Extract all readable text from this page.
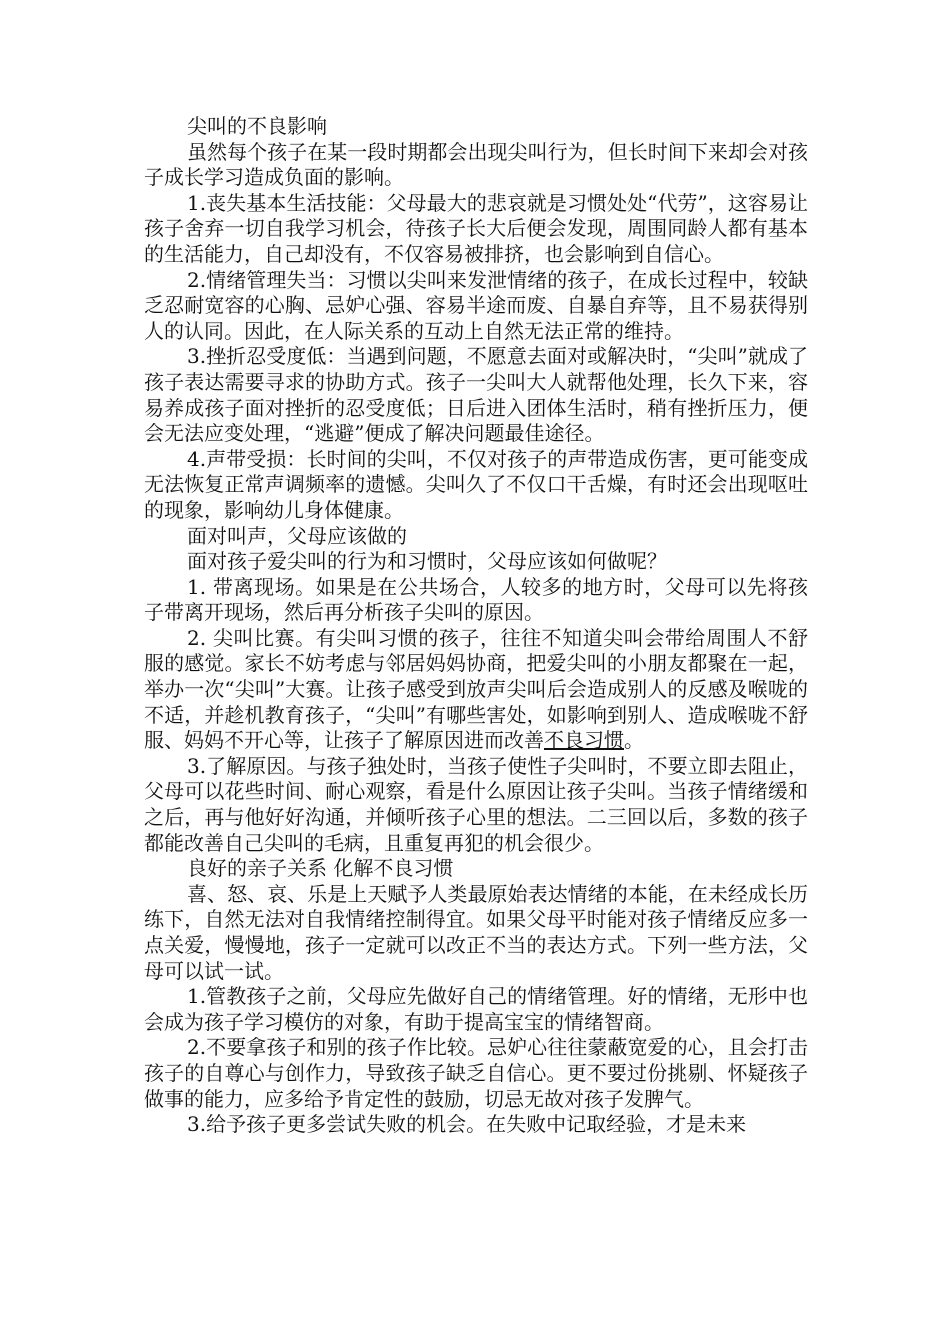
尖叫的不良影响

虽然每个孩子在某一段时期都会出现尖叫行为，但长时间下来却会对孩子成长学习造成负面的影响。

1.丧失基本生活技能：父母最大的悲哀就是习惯处处“代劳”，这容易让孩子舍弃一切自我学习机会，待孩子长大后便会发现，周围同龄人都有基本的生活能力，自己却没有，不仅容易被排挤，也会影响到自信心。

2.情绪管理失当：习惯以尖叫来发泄情绪的孩子，在成长过程中，较缺乏忍耐宽容的心胸、忌妒心强、容易半途而废、自暴自弃等，且不易获得别人的认同。因此，在人际关系的互动上自然无法正常的维持。

3.挫折忍受度低：当遇到问题，不愿意去面对或解决时，“尖叫”就成了孩子表达需要寻求的协助方式。孩子一尖叫大人就帮他处理，长久下来，容易养成孩子面对挫折的忍受度低；日后进入团体生活时，稍有挫折压力，便会无法应变处理，“逃避”便成了解决问题最佳途径。

4.声带受损：长时间的尖叫，不仅对孩子的声带造成伤害，更可能变成无法恢复正常声调频率的遗憾。尖叫久了不仅口干舌燥，有时还会出现呕吐的现象，影响幼儿身体健康。

面对叫声，父母应该做的

面对孩子爱尖叫的行为和习惯时，父母应该如何做呢？

1. 带离现场。如果是在公共场合，人较多的地方时，父母可以先将孩子带离开现场，然后再分析孩子尖叫的原因。

2. 尖叫比赛。有尖叫习惯的孩子，往往不知道尖叫会带给周围人不舒服的感觉。家长不妨考虑与邻居妈妈协商，把爱尖叫的小朋友都聚在一起，举办一次“尖叫”大赛。让孩子感受到放声尖叫后会造成别人的反感及喉咙的不适，并趁机教育孩子，“尖叫”有哪些害处，如影响到别人、造成喉咙不舒服、妈妈不开心等，让孩子了解原因进而改善不良习惯。

3.了解原因。与孩子独处时，当孩子使性子尖叫时，不要立即去阻止，父母可以花些时间、耐心观察，看是什么原因让孩子尖叫。当孩子情绪缓和之后，再与他好好沟通，并倾听孩子心里的想法。二三回以后，多数的孩子都能改善自己尖叫的毛病，且重复再犯的机会很少。

良好的亲子关系 化解不良习惯

喜、怒、哀、乐是上天赋予人类最原始表达情绪的本能，在未经成长历练下，自然无法对自我情绪控制得宜。如果父母平时能对孩子情绪反应多一点关爱，慢慢地，孩子一定就可以改正不当的表达方式。下列一些方法，父母可以试一试。

1.管教孩子之前，父母应先做好自己的情绪管理。好的情绪，无形中也会成为孩子学习模仿的对象，有助于提高宝宝的情绪智商。

2.不要拿孩子和别的孩子作比较。忌妒心往往蒙蔽宽爱的心，且会打击孩子的自尊心与创作力，导致孩子缺乏自信心。更不要过份挑剔、怀疑孩子做事的能力，应多给予肯定性的鼓励，切忌无故对孩子发脾气。

3.给予孩子更多尝试失败的机会。在失败中记取经验，才是未来
